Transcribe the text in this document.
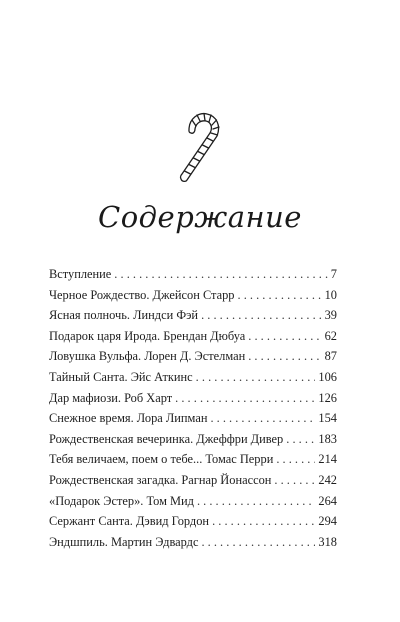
Содержание
Вступление . . .	7
Черное Рождество. Джейсон Старр . . .	10
Ясная полночь. Линдси Фэй . . .	39
Подарок царя Ирода. Брендан Дюбуа . . .	62
Ловушка Вульфа. Лорен Д. Эстелман . . .	87
Тайный Санта. Эйс Аткинс . . .	106
Дар мафиози. Роб Харт . . .	126
Снежное время. Лора Липман . . .	154
Рождественская вечеринка. Джеффри Дивер . . .	183
Тебя величаем, поем о тебе... Томас Перри . . .	214
Рождественская загадка. Рагнар Йонассон . . .	242
«Подарок Эстер». Том Мид . . .	264
Сержант Санта. Дэвид Гордон . . .	294
Эндшпиль. Мартин Эдвардс . . .	318
